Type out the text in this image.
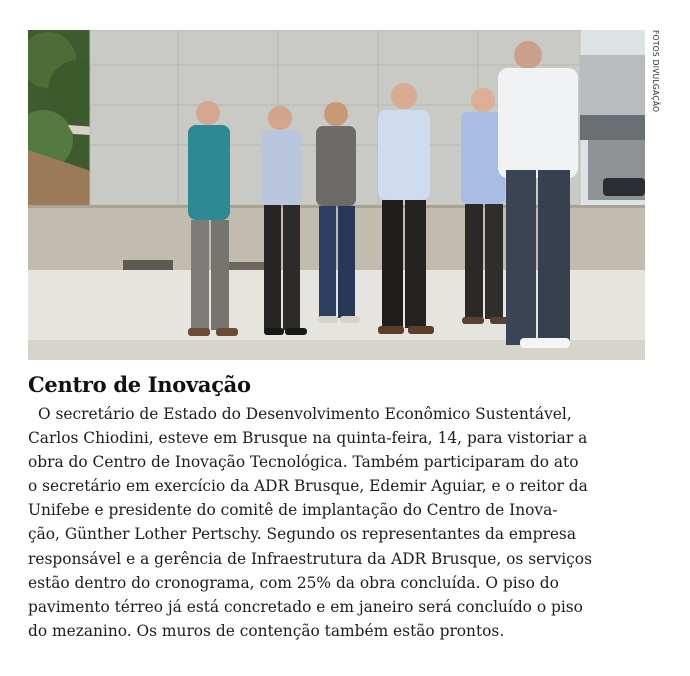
FOTOS DIVULGAÇÃO
Centro de Inovação
O secretário de Estado do Desenvolvimento Econômico Sustentável,
Carlos Chiodini, esteve em Brusque na quinta-feira, 14, para vistoriar a
obra do Centro de Inovação Tecnológica. Também participaram do ato
o secretário em exercício da ADR Brusque, Edemir Aguiar, e o reitor da
Unifebe e presidente do comitê de implantação do Centro de Inova-
ção, Günther Lother Pertschy. Segundo os representantes da empresa
responsável e a gerência de Infraestrutura da ADR Brusque, os serviços
estão dentro do cronograma, com 25% da obra concluída. O piso do
pavimento térreo já está concretado e em janeiro será concluído o piso
do mezanino. Os muros de contenção também estão prontos.
